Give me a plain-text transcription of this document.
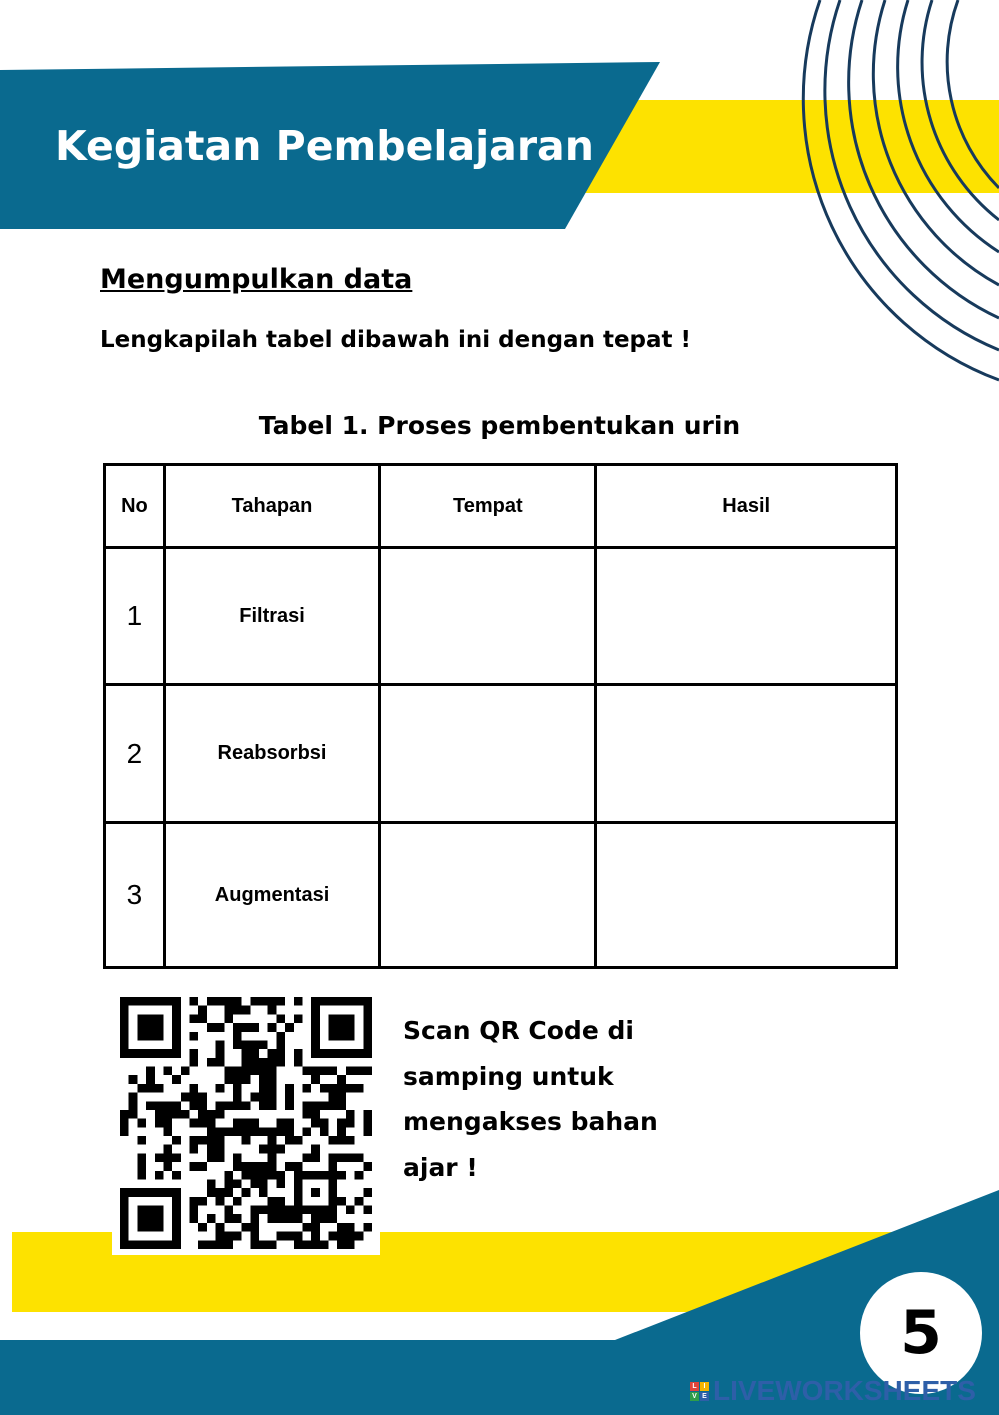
Kegiatan Pembelajaran
Mengumpulkan data
Lengkapilah tabel dibawah ini dengan tepat !
Tabel 1. Proses pembentukan urin
No	Tahapan	Tempat	Hasil
1	Filtrasi		
2	Reabsorbsi		
3	Augmentasi		
Scan QR Code di
samping untuk
mengakses bahan
ajar !
5
L I
V E LIVEWORKSHEETS
